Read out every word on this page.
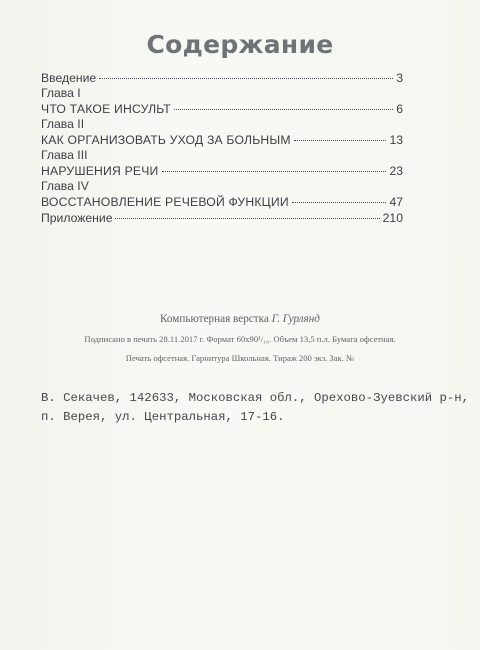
Содержание
Введение	3
Глава I
ЧТО ТАКОЕ ИНСУЛЬТ	6
Глава II
КАК ОРГАНИЗОВАТЬ УХОД ЗА БОЛЬНЫМ	13
Глава III
НАРУШЕНИЯ РЕЧИ	23
Глава IV
ВОССТАНОВЛЕНИЕ РЕЧЕВОЙ ФУНКЦИИ	47
Приложение	210
Компьютерная верстка Г. Гурлянд
Подписано в печать 28.11.2017 г. Формат 60x90¹/₁₆. Объем 13,5 п.л. Бумага офсетная.
Печать офсетная. Гарнитура Школьная. Тираж 200 экз. Зак. №
В. Секачев, 142633, Московская обл., Орехово-Зуевский р-н,
п. Верея, ул. Центральная, 17-16.
